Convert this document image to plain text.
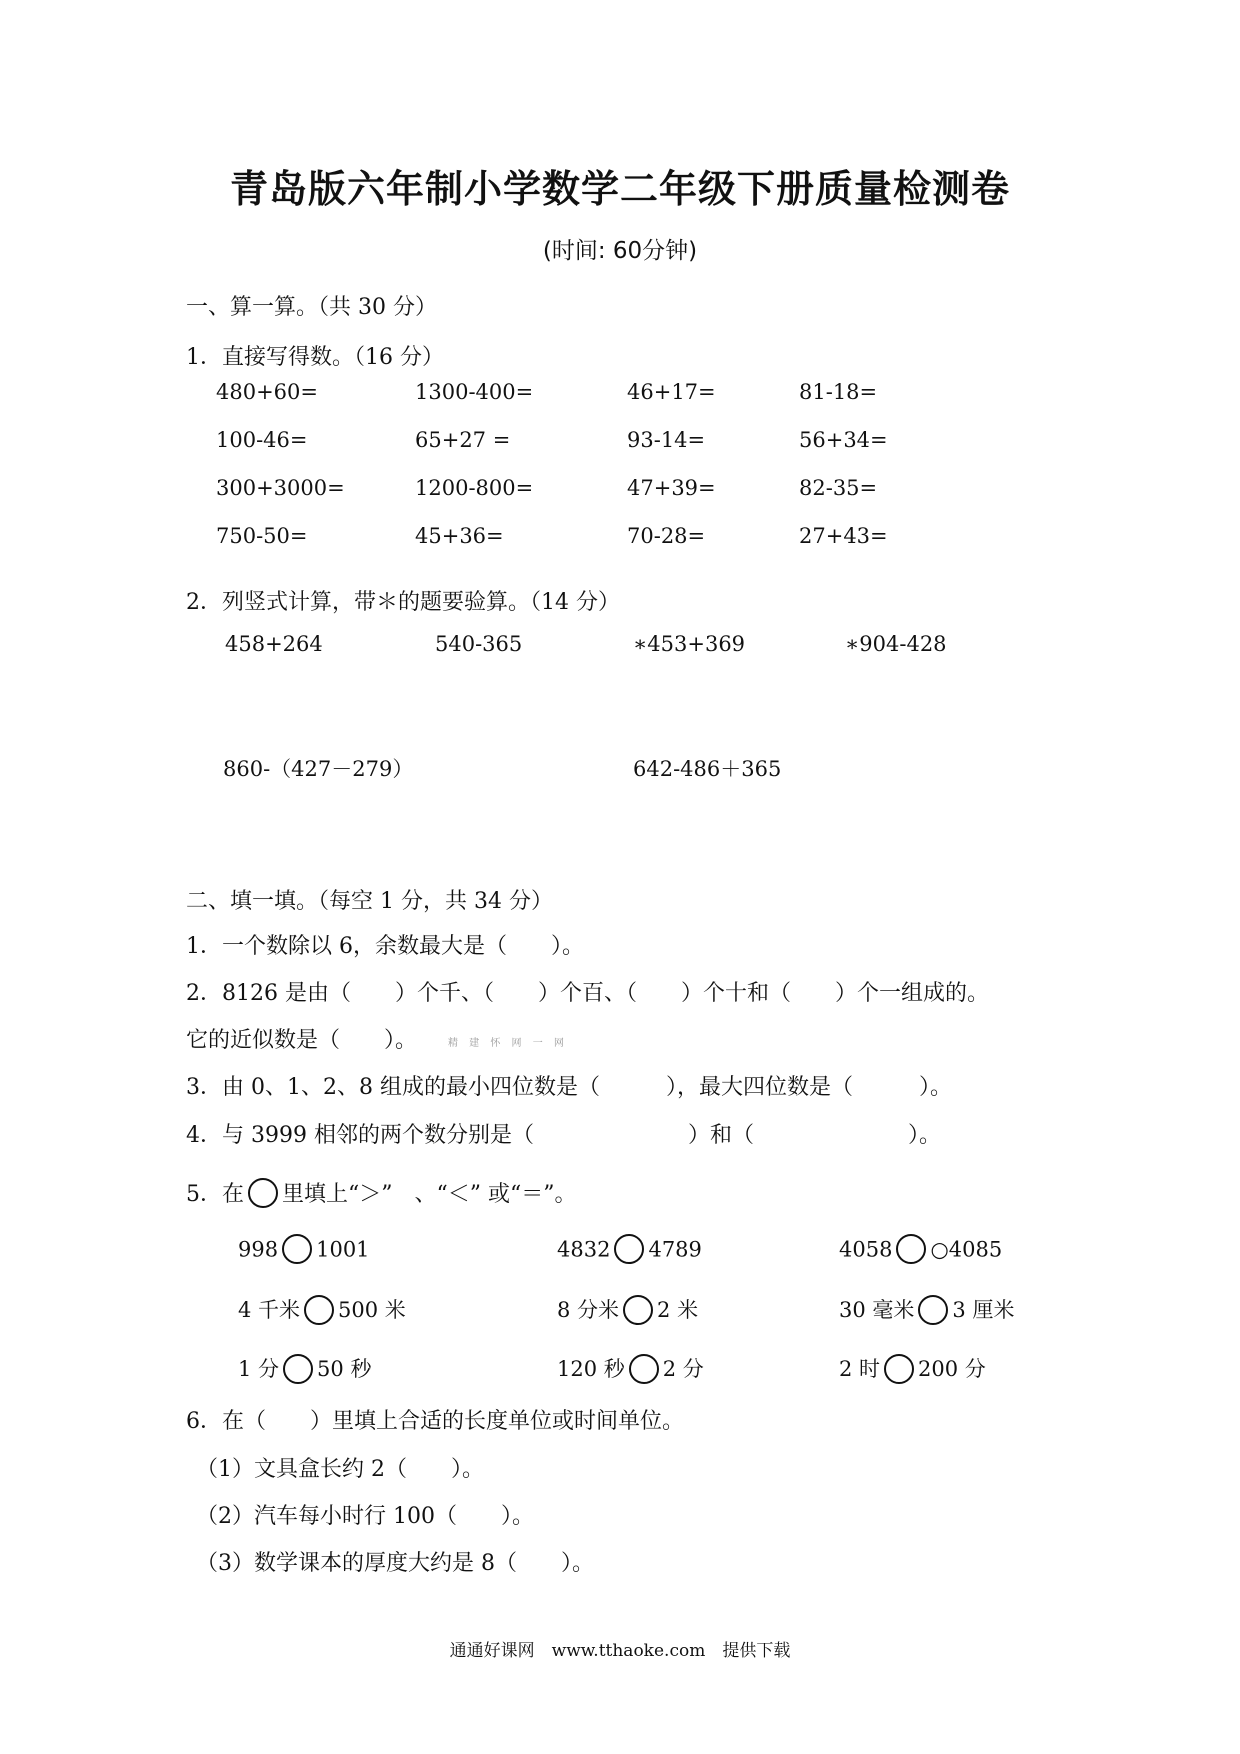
青岛版六年制小学数学二年级下册质量检测卷
(时间: 60分钟)
一、算一算。（共 30 分）
1．直接写得数。（16 分）
480+60=	1300-400=	46+17=	81-18=
100-46=	65+27 =	93-14=	56+34=
300+3000=	1200-800=	47+39=	82-35=
750-50=	45+36=	70-28=	27+43=
2．列竖式计算，带＊的题要验算。（14 分）
458+264	540-365	∗453+369	∗904-428
860-（427－279）	642-486＋365
二、填一填。（每空 1 分，共 34 分）
1．一个数除以 6，余数最大是（　　）。
2．8126 是由（　　）个千、（　　）个百、（　　）个十和（　　）个一组成的。
它的近似数是（　　）。	精 建 怀 网 一 网
3．由 0、1、2、8 组成的最小四位数是（　　　），最大四位数是（　　　）。
4．与 3999 相邻的两个数分别是（　　　　　　　）和（　　　　　　　）。
5．在 里填上“＞”　、“＜” 或“＝”。
998 1001	4832 4789	4058 ○4085
4 千米 500 米	8 分米 2 米	30 毫米 3 厘米
1 分 50 秒	120 秒 2 分	2 时 200 分
6．在（　　）里填上合适的长度单位或时间单位。
（1）文具盒长约 2（　　）。
（2）汽车每小时行 100（　　）。
（3）数学课本的厚度大约是 8（　　）。
通通好课网　www.tthaoke.com　提供下载
